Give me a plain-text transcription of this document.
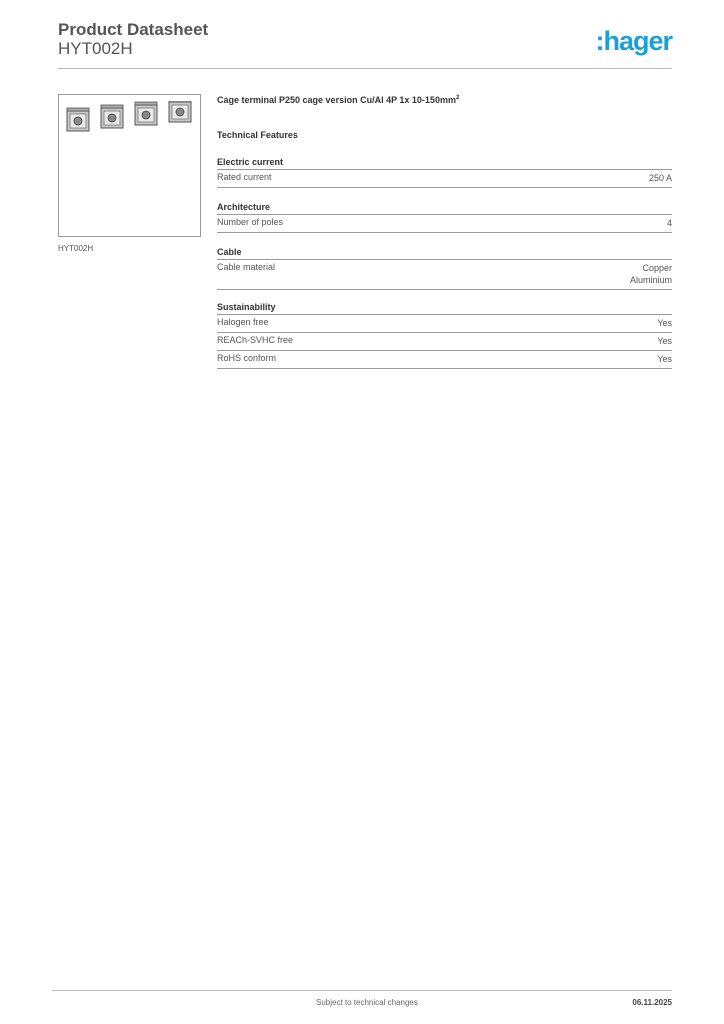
Product Datasheet
HYT002H	:hager
HYT002H
Cage terminal P250 cage version Cu/Al 4P 1x $10-150mm^2$
Technical Features
Electric current
Rated current	250 A
Architecture
Number of poles	4
Cable
Cable material	Copper
Aluminium
Sustainability
Halogen free	Yes
REACh-SVHC free	Yes
RoHS conform	Yes
Subject to technical changes	06.11.2025
